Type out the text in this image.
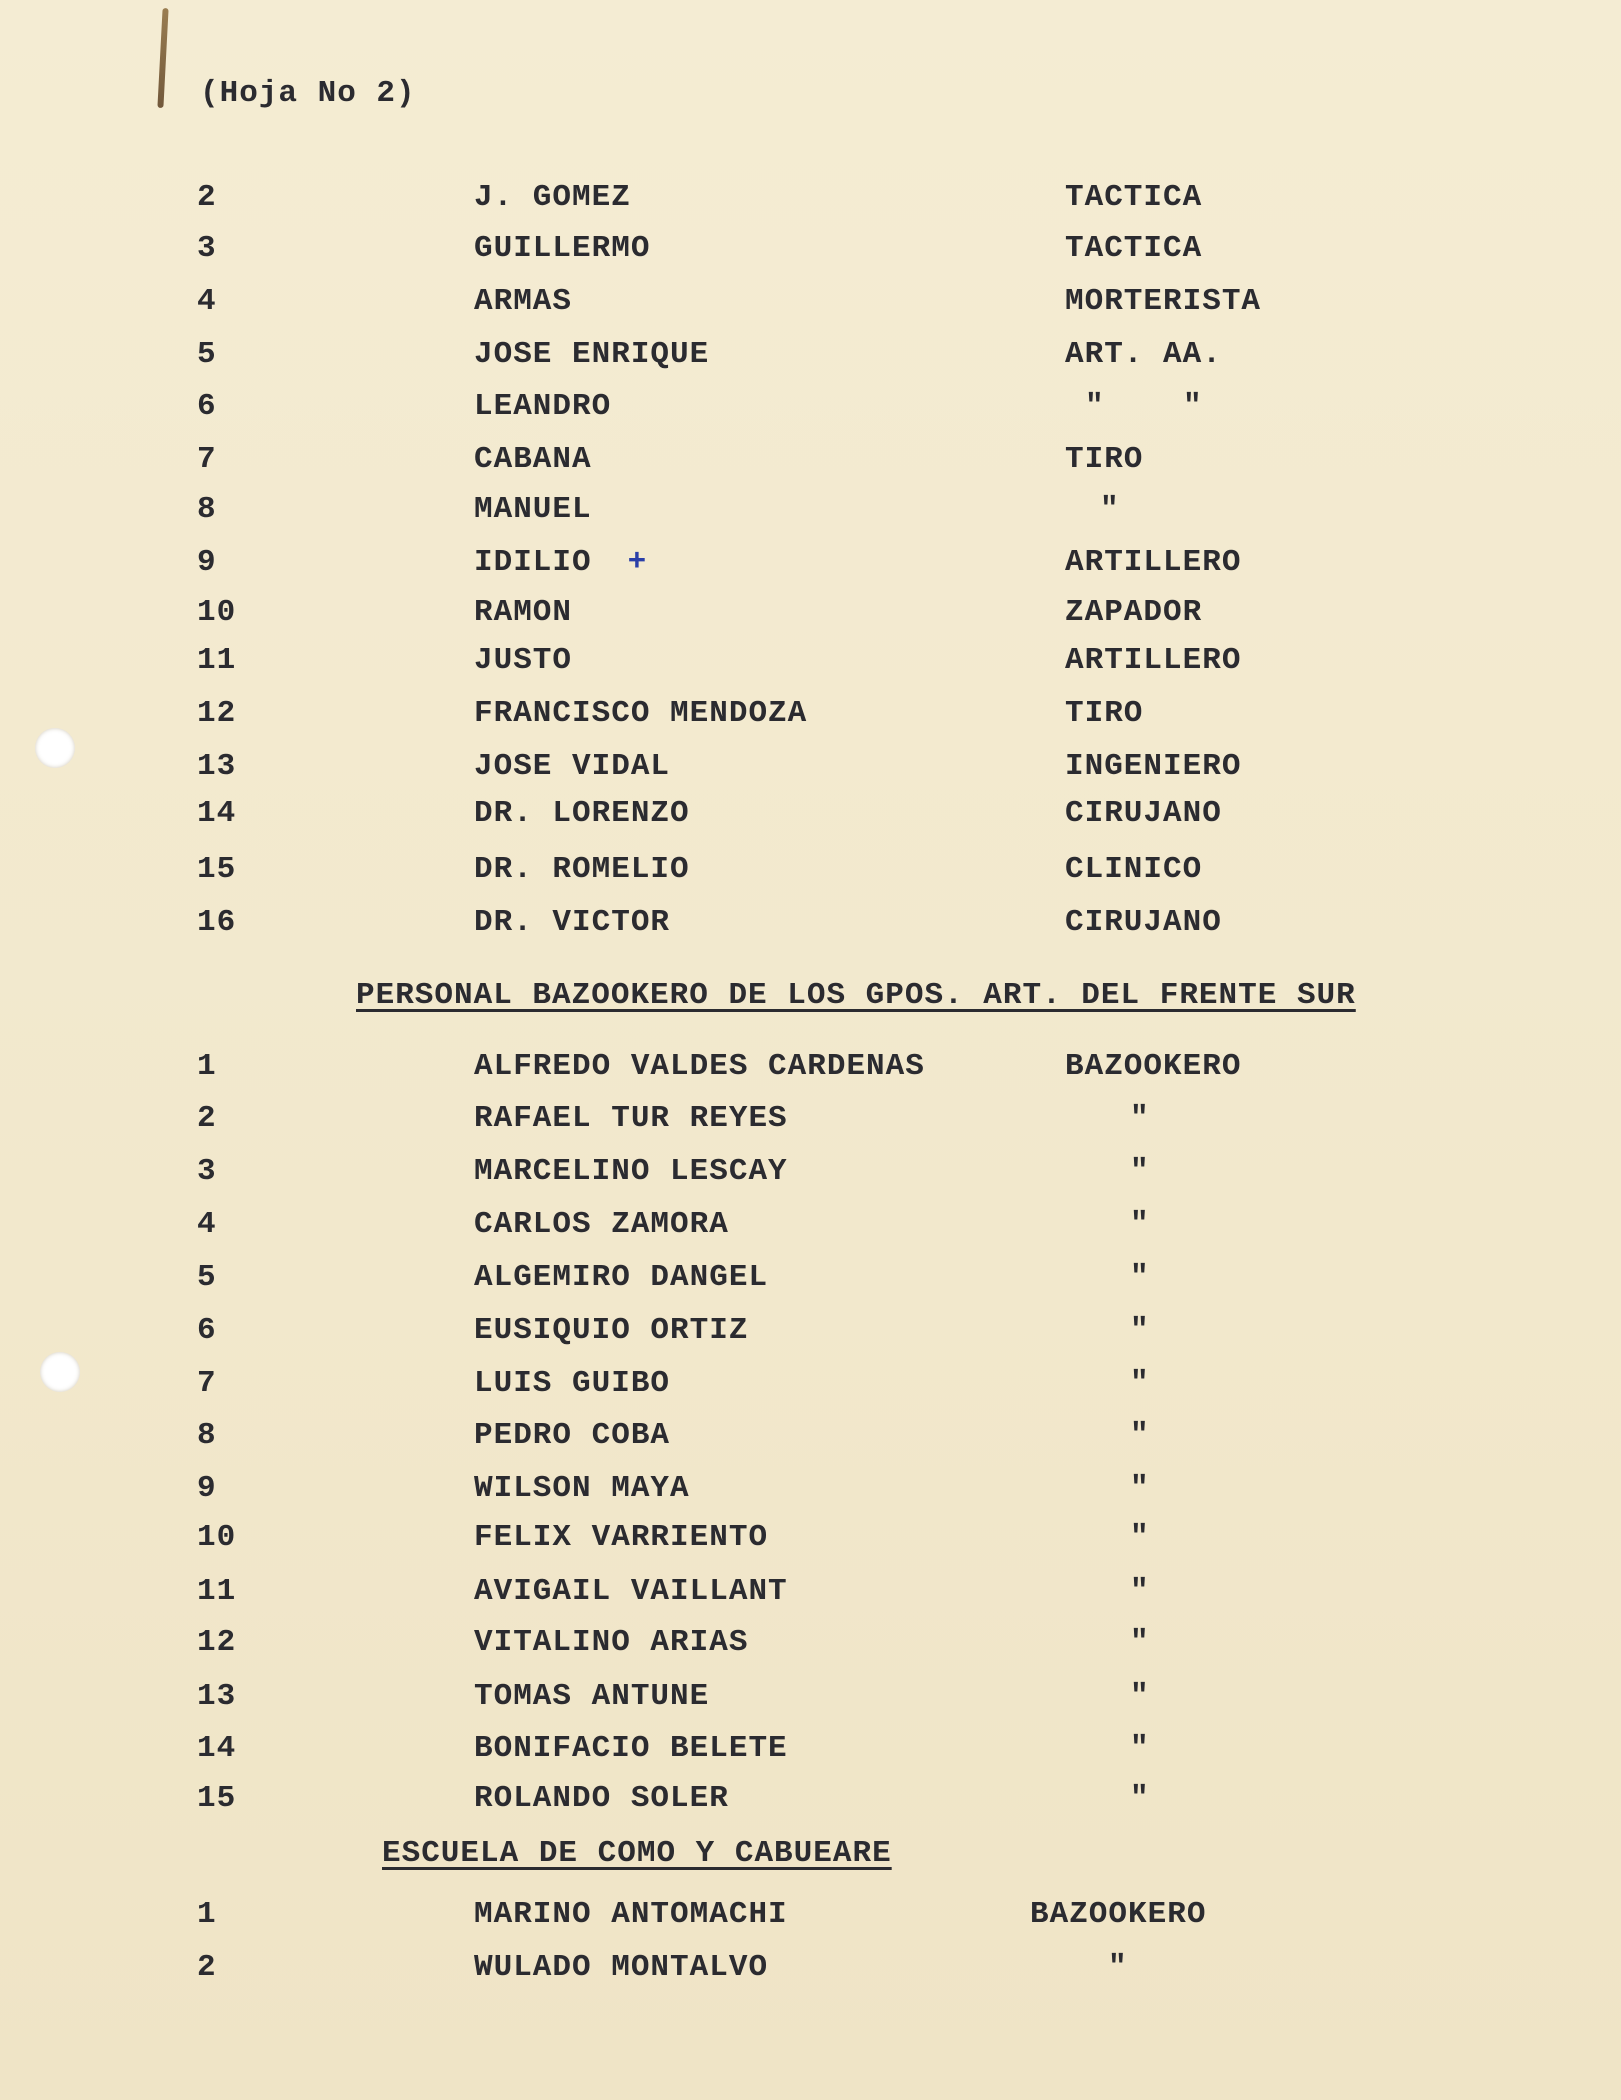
(Hoja No 2)
2	J. GOMEZ	TACTICA
3	GUILLERMO	TACTICA
4	ARMAS	MORTERISTA
5	JOSE ENRIQUE	ART. AA.
6	LEANDRO	"    "
7	CABANA	TIRO
8	MANUEL	"
9	IDILIO +	ARTILLERO
10	RAMON	ZAPADOR
11	JUSTO	ARTILLERO
12	FRANCISCO MENDOZA	TIRO
13	JOSE VIDAL	INGENIERO
14	DR. LORENZO	CIRUJANO
15	DR. ROMELIO	CLINICO
16	DR. VICTOR	CIRUJANO
PERSONAL BAZOOKERO DE LOS GPOS. ART. DEL FRENTE SUR
1	ALFREDO VALDES CARDENAS	BAZOOKERO
2	RAFAEL TUR REYES	"
3	MARCELINO LESCAY	"
4	CARLOS ZAMORA	"
5	ALGEMIRO DANGEL	"
6	EUSIQUIO ORTIZ	"
7	LUIS GUIBO	"
8	PEDRO COBA	"
9	WILSON MAYA	"
10	FELIX VARRIENTO	"
11	AVIGAIL VAILLANT	"
12	VITALINO ARIAS	"
13	TOMAS ANTUNE	"
14	BONIFACIO BELETE	"
15	ROLANDO SOLER	"
ESCUELA DE COMO Y CABUEARE
1	MARINO ANTOMACHI	BAZOOKERO
2	WULADO MONTALVO	"
